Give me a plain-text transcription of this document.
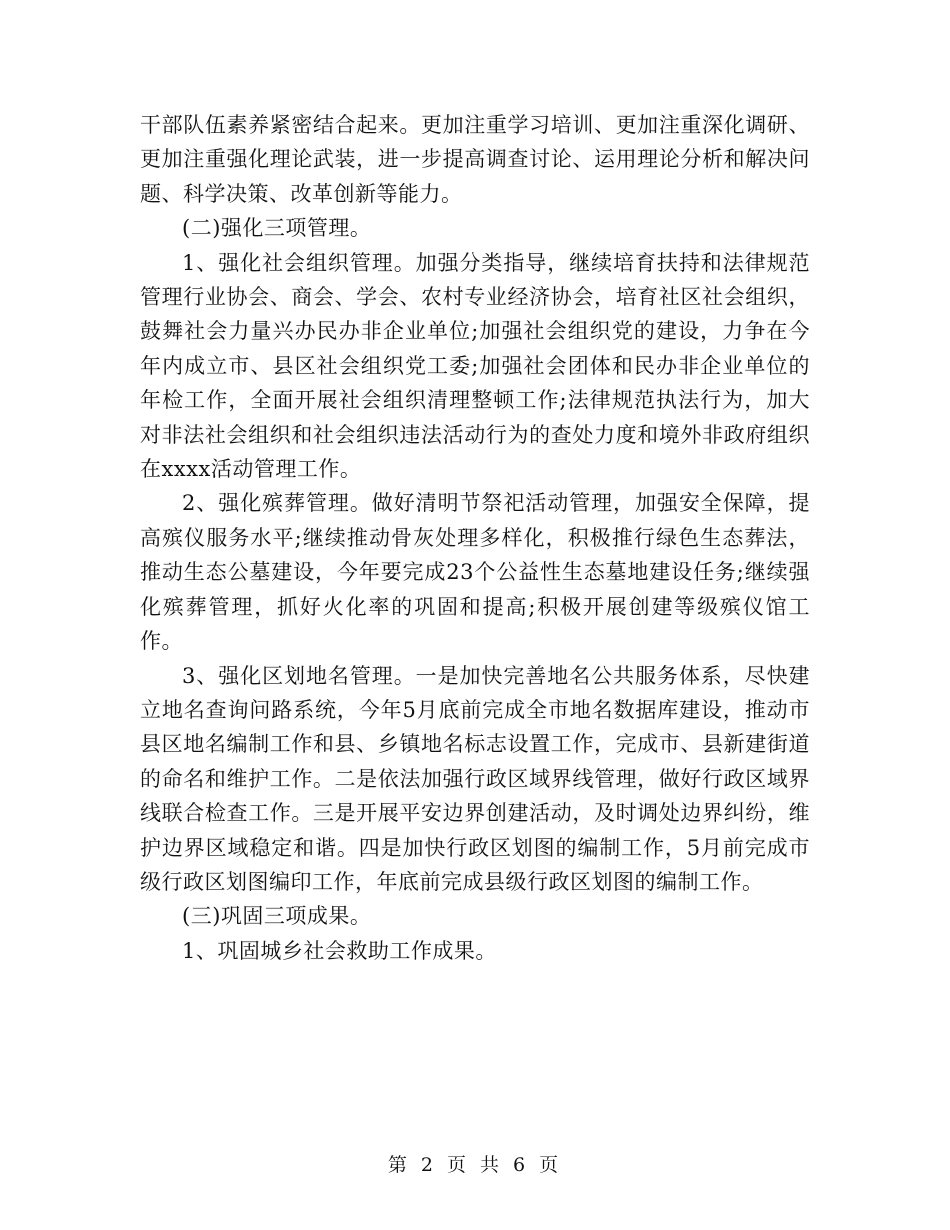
干部队伍素养紧密结合起来。更加注重学习培训、更加注重深化调研、更加注重强化理论武装，进一步提高调查讨论、运用理论分析和解决问题、科学决策、改革创新等能力。

(二)强化三项管理。

1、强化社会组织管理。加强分类指导，继续培育扶持和法律规范管理行业协会、商会、学会、农村专业经济协会，培育社区社会组织，鼓舞社会力量兴办民办非企业单位;加强社会组织党的建设，力争在今年内成立市、县区社会组织党工委;加强社会团体和民办非企业单位的年检工作，全面开展社会组织清理整顿工作;法律规范执法行为，加大对非法社会组织和社会组织违法活动行为的查处力度和境外非政府组织在xxxx活动管理工作。

2、强化殡葬管理。做好清明节祭祀活动管理，加强安全保障，提高殡仪服务水平;继续推动骨灰处理多样化，积极推行绿色生态葬法，推动生态公墓建设，今年要完成23个公益性生态墓地建设任务;继续强化殡葬管理，抓好火化率的巩固和提高;积极开展创建等级殡仪馆工作。

3、强化区划地名管理。一是加快完善地名公共服务体系，尽快建立地名查询问路系统，今年5月底前完成全市地名数据库建设，推动市县区地名编制工作和县、乡镇地名标志设置工作，完成市、县新建街道的命名和维护工作。二是依法加强行政区域界线管理，做好行政区域界线联合检查工作。三是开展平安边界创建活动，及时调处边界纠纷，维护边界区域稳定和谐。四是加快行政区划图的编制工作，5月前完成市级行政区划图编印工作，年底前完成县级行政区划图的编制工作。

(三)巩固三项成果。

1、巩固城乡社会救助工作成果。

第 2 页 共 6 页
